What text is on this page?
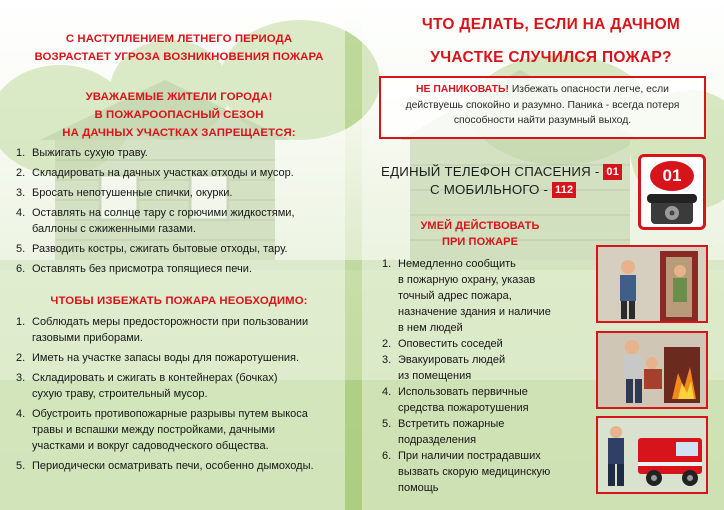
С НАСТУПЛЕНИЕМ ЛЕТНЕГО ПЕРИОДА
ВОЗРАСТАЕТ УГРОЗА ВОЗНИКНОВЕНИЯ ПОЖАРА
УВАЖАЕМЫЕ ЖИТЕЛИ ГОРОДА!
В ПОЖАРООПАСНЫЙ СЕЗОН
НА ДАЧНЫХ УЧАСТКАХ ЗАПРЕЩАЕТСЯ:
1. Выжигать сухую траву.
2. Складировать на дачных участках отходы и мусор.
3. Бросать непотушенные спички, окурки.
4. Оставлять на солнце тару с горючими жидкостями,
баллоны с сжиженными газами.
5. Разводить костры, сжигать бытовые отходы, тару.
6. Оставлять без присмотра топящиеся печи.
ЧТОБЫ ИЗБЕЖАТЬ ПОЖАРА НЕОБХОДИМО:
1. Соблюдать меры предосторожности при пользовании
газовыми приборами.
2. Иметь на участке запасы воды для пожаротушения.
3. Складировать и сжигать в контейнерах (бочках)
сухую траву, строительный мусор.
4. Обустроить противопожарные разрывы путем выкоса
травы и вспашки между постройками, дачными
участками и вокруг садоводческого общества.
5. Периодически осматривать печи, особенно дымоходы.
ЧТО ДЕЛАТЬ, ЕСЛИ НА ДАЧНОМ
УЧАСТКЕ СЛУЧИЛСЯ ПОЖАР?
НЕ ПАНИКОВАТЬ! Избежать опасности легче, если действуешь спокойно и разумно. Паника - всегда потеря способности найти разумный выход.
ЕДИНЫЙ ТЕЛЕФОН СПАСЕНИЯ - 01
С МОБИЛЬНОГО - 112
01
УМЕЙ ДЕЙСТВОВАТЬ
ПРИ ПОЖАРЕ
1. Немедленно сообщить
в пожарную охрану, указав
точный адрес пожара,
назначение здания и наличие
в нем людей
2. Оповестить соседей
3. Эвакуировать людей
из помещения
4. Использовать первичные
средства пожаротушения
5. Встретить пожарные
подразделения
6. При наличии пострадавших
вызвать скорую медицинскую
помощь
